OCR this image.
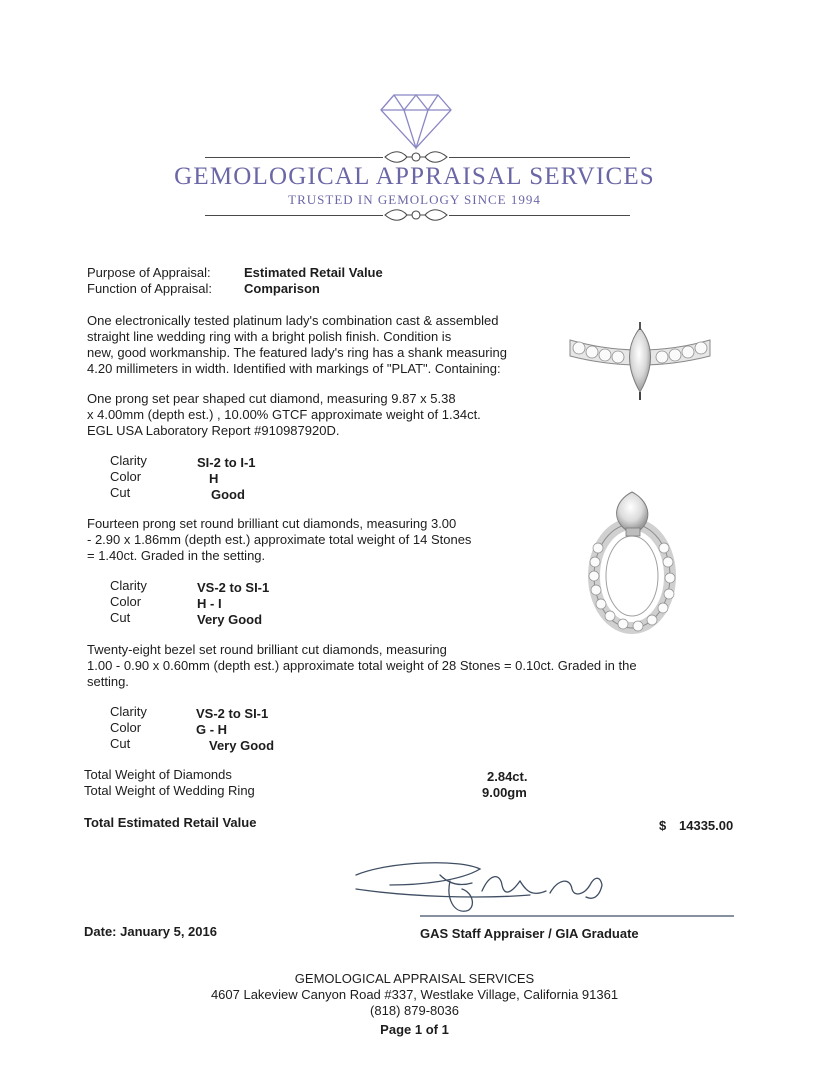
GEMOLOGICAL APPRAISAL SERVICES
TRUSTED IN GEMOLOGY SINCE 1994
Purpose of Appraisal:	Estimated Retail Value
Function of Appraisal: Comparison
One electronically tested platinum lady's combination cast & assembled
straight line wedding ring with a bright polish finish. Condition is
new, good workmanship. The featured lady's ring has a shank measuring
4.20 millimeters in width. Identified with markings of "PLAT". Containing:
One prong set pear shaped cut diamond, measuring 9.87 x 5.38
x 4.00mm (depth est.) , 10.00% GTCF approximate weight of 1.34ct.
EGL USA Laboratory Report #910987920D.
Clarity	SI-2 to I-1
Color	H
Cut	Good
Fourteen prong set round brilliant cut diamonds, measuring 3.00
- 2.90 x 1.86mm (depth est.) approximate total weight of 14 Stones
= 1.40ct. Graded in the setting.
Clarity	VS-2 to SI-1
Color	H - I
Cut	Very Good
Twenty-eight bezel set round brilliant cut diamonds, measuring
1.00 - 0.90 x 0.60mm (depth est.) approximate total weight of 28 Stones = 0.10ct. Graded in the
setting.
Clarity	VS-2 to SI-1
Color	G - H
Cut	Very Good
Total Weight of Diamonds	2.84ct.
Total Weight of Wedding Ring	9.00gm
Total Estimated Retail Value	$ 14335.00
Date: January 5, 2016	GAS Staff Appraiser / GIA Graduate
GEMOLOGICAL APPRAISAL SERVICES
4607 Lakeview Canyon Road #337, Westlake Village, California 91361
(818) 879-8036
Page 1 of 1
